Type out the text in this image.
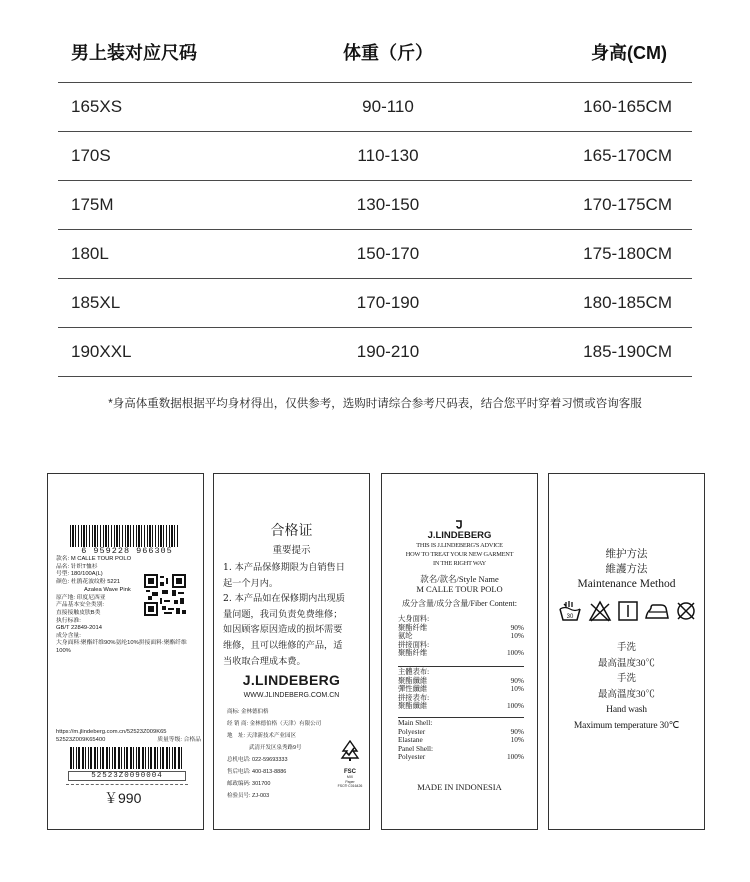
男上装对应尺码	体重（斤）	身高(CM)
165XS	90-110	160-165CM
170S	110-130	165-170CM
175M	130-150	170-175CM
180L	150-170	175-180CM
185XL	170-190	180-185CM
190XXL	190-210	185-190CM
*身高体重数据根据平均身材得出，仅供参考，选购时请综合参考尺码表，结合您平时穿着习惯或咨询客服
6 959228 966305
款名: M CALLE TOUR POLO
品名: 针织T恤衫
号型: 180/100A(L)
颜色: 杜鹃花波纹粉 5221
Azalea Wave Pink
原产地: 印度尼西亚
产品基本安全类别:
直接接触皮肤B类
执行标准:
GB/T 22849-2014
成分含量:
大身面料:聚酯纤维90%氨纶10%拼接面料:聚酯纤维100%
https://m.jlindeberg.com.cn/52523Z009K65
52523Z009K65400	质量等级: 合格品
52523Z0090004
￥990
合格证
重要提示
1. 本产品保修期限为自销售日
起一个月内。
2. 本产品如在保修期内出现质
量问题，我司负责免费维修；
如因顾客原因造成的损坏需要
维修，且可以维修的产品，适
当收取合理成本费。
J.LINDEBERG
WWW.JLINDEBERG.COM.CN
商标: 金林德伯格
经 销 商: 金林德伯格（天津）有限公司
地　址: 天津新技术产业园区
　　　　武清开发区泉秀路9号
总机电话: 022-59693333
售后电话: 400-813-8886
邮政编码: 301700
检验员号: ZJ-003
FSC
MIX
Paper
FSC® C016426
J.LINDEBERG
THIS IS J.LINDEBERG'S ADVICE
HOW TO TREAT YOUR NEW GARMENT
IN THE RIGHT WAY
款名/款名/Style Name
M CALLE TOUR POLO
成分含量/成分含量/Fiber Content:
大身面料:
聚酯纤维	90%
氨纶	10%
拼接面料:
聚酯纤维	100%
主體表布:
聚酯纖維	90%
彈性纖維	10%
拼接表布:
聚酯纖維	100%
Main Shell:
Polyester	90%
Elastane	10%
Panel Shell:
Polyester	100%
MADE IN INDONESIA
维护方法
維護方法
Maintenance Method
30
手洗
最高温度30℃
手洗
最高溫度30℃
Hand wash
Maximum temperature 30℃
